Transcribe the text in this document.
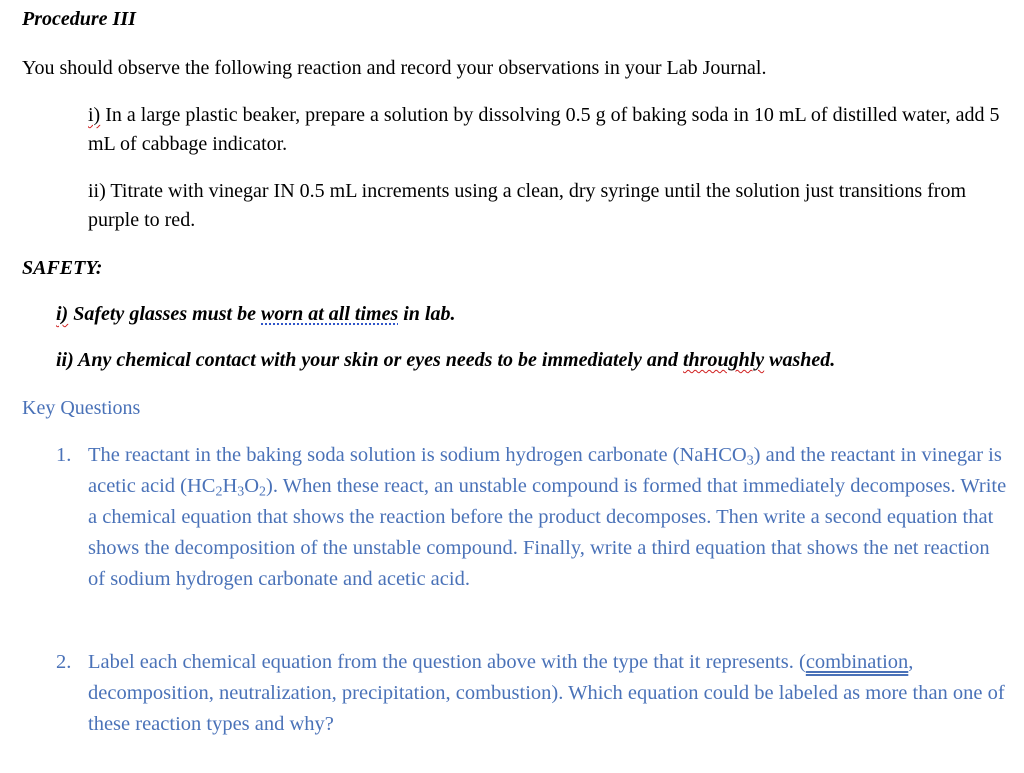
Procedure III
You should observe the following reaction and record your observations in your Lab Journal.
i) In a large plastic beaker, prepare a solution by dissolving 0.5 g of baking soda in 10 mL of distilled water, add 5 mL of cabbage indicator.
ii) Titrate with vinegar IN 0.5 mL increments using a clean, dry syringe until the solution just transitions from purple to red.
SAFETY:
i) Safety glasses must be worn at all times in lab.
ii) Any chemical contact with your skin or eyes needs to be immediately and throughly washed.
Key Questions
1. The reactant in the baking soda solution is sodium hydrogen carbonate (NaHCO$_3$) and the reactant in vinegar is acetic acid $(HC_2H_3O_2)$. When these react, an unstable compound is formed that immediately decomposes. Write a chemical equation that shows the reaction before the product decomposes. Then write a second equation that shows the decomposition of the unstable compound. Finally, write a third equation that shows the net reaction of sodium hydrogen carbonate and acetic acid.
2. Label each chemical equation from the question above with the type that it represents. (combination, decomposition, neutralization, precipitation, combustion). Which equation could be labeled as more than one of these reaction types and why?
